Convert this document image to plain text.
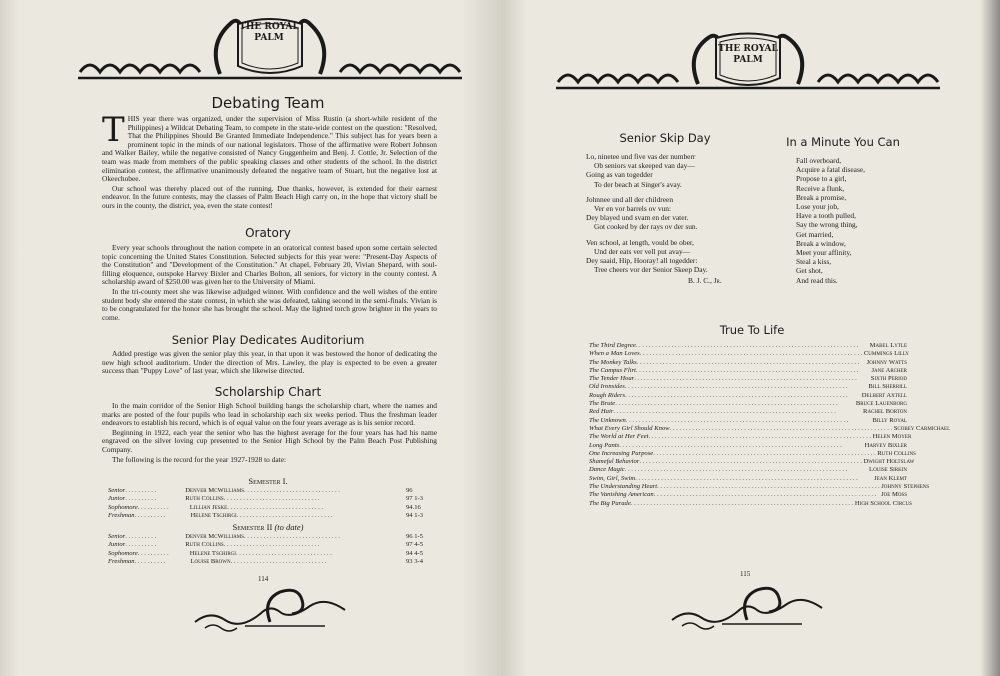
THE ROYAL PALM
Debating Team

THIS year there was organized, under the supervision of Miss Rustin (a short-while resident of the Philippines) a Wildcat Debating Team, to compete in the state-wide contest on the question: "Resolved, That the Philippines Should Be Granted Immediate Independence." This subject has for years been a prominent topic in the minds of our national legislators. Those of the affirmative were Robert Johnson and Walker Bailey, while the negative consisted of Nancy Guggenheim and Benj. J. Cottle, Jr. Selection of the team was made from members of the public speaking classes and other students of the school. In the district elimination contest, the affirmative unanimously defeated the negative team of Stuart, but the negative lost at Okeechobee.

Our school was thereby placed out of the running. Due thanks, however, is extended for their earnest endeavor. In the future contests, may the classes of Palm Beach High carry on, in the hope that victory shall be ours in the county, the district, yea, even the state contest!

Oratory

Every year schools throughout the nation compete in an oratorical contest based upon some certain selected topic concerning the United States Constitution. Selected subjects for this year were: "Present-Day Aspects of the Constitution" and "Development of the Constitution." At chapel, February 20, Vivian Shepard, with soul-filling eloquence, outspoke Harvey Bixler and Charles Bolton, all seniors, for victory in the county contest. A scholarship award of $250.00 was given her to the University of Miami.

In the tri-county meet she was likewise adjudged winner. With confidence and the well wishes of the entire student body she entered the state contest, in which she was defeated, taking second in the semi-finals. Vivian is to be congratulated for the honor she has brought the school. May the lighted torch grow brighter in the years to come.

Senior Play Dedicates Auditorium

Added prestige was given the senior play this year, in that upon it was bestowed the honor of dedicating the new high school auditorium. Under the direction of Mrs. Lawley, the play is expected to be even a greater success than "Puppy Love" of last year, which she likewise directed.

Scholarship Chart

In the main corridor of the Senior High School building hangs the scholarship chart, where the names and marks are posted of the four pupils who lead in scholarship each six weeks period. Thus the freshman leader endeavors to establish his record, which is of equal value on the four years average as is his senior record.

Beginning in 1922, each year the senior who has the highest average for the four years has had his name engraved on the silver loving cup presented to the Senior High School by the Palm Beach Post Publishing Company.

The following is the record for the year 1927-1928 to date:

Semester I.
Senior ..........	Denver McWilliams ..............................	96
Junior ..........	Ruth Collins ..............................	97 1-3
Sophomore ..........	Lillian Jeske ..............................	94.16
Freshman ..........	Helene Tschirgi ..............................	94 1-3
Semester II (to date)
Senior ..........	Denver McWilliams ..............................	96 1-5
Junior ..........	Ruth Collins ..............................	97 4-5
Sophomore ..........	Helene Tschirgi ..............................	94 4-5
Freshman ..........	Louise Brown ..............................	93 3-4
114
THE ROYAL PALM
Senior Skip Day
Lo, ninetee und five vas der numberr
Ob seniors vat skeeped van day—
Going as van togedder
To der beach at Singer's avay.
Johnnee und all der childreen
Ver en vor barrels ov vun:
Dey blayed und svam en der vater.
Got cooked by der rays ov der sun.
Ven school, at length, vould be ober,
Und der eats ver vell put avay—
Dey saaid, Hip, Hooray! all togedder:
Tree cheers vor der Senior Skeep Day.
B. J. C., Jr.
In a Minute You Can
Fall overboard,
Acquire a fatal disease,
Propose to a girl,
Receive a flunk,
Break a promise,
Lose your job,
Have a tooth pulled,
Say the wrong thing,
Get married,
Break a window,
Meet your affinity,
Steal a kiss,
Get shot,
And read this.
True To Life
The Third Degree .....................................................................	Mabel Lytle
When a Man Loves ..................................................................... Cummings Lilly
The Monkey Talks ..................................................................... Johnny Watts
The Campus Flirt .....................................................................	Jane Archer
The Tender Hour .....................................................................	Sixth Period
Old Ironsides .....................................................................	Bill Sherrill
Rough Riders .....................................................................	Delbert Axtell
The Brute .....................................................................	Bruce Lauenborg
Red Hair .....................................................................	Rachel Borton
The Unknown .....................................................................	Billy Royal
What Every Girl Should Know ..................................................................... Scobey Carmichael
The World at Her Feet ..................................................................... Helen Moyer
Long Pants .....................................................................	Harvey Bixler
One Increasing Purpose ..................................................................... Ruth Collins
Shameful Behavior ..................................................................... Dwight Holtslaw
Dance Magic .....................................................................	Louise Sirkin
Swim, Girl, Swim .....................................................................	Jean Klemt
The Understanding Heart ..................................................................... Johnny Stephens
The Vanishing American ..................................................................... Joe Moss
The Big Parade ..................................................................... High School Circus
115
